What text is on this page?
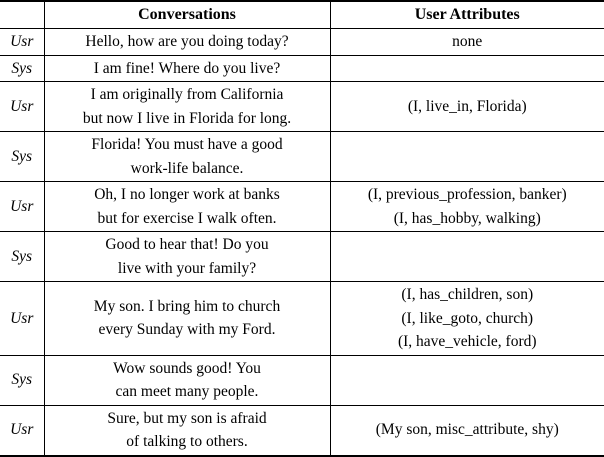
	Conversations	User Attributes
Usr	Hello, how are you doing today?	none
Sys	I am fine! Where do you live?	
Usr	I am originally from California
but now I live in Florida for long.	(I, live_in, Florida)
Sys	Florida! You must have a good
work-life balance.	
Usr	Oh, I no longer work at banks
but for exercise I walk often.	(I, previous_profession, banker)
(I, has_hobby, walking)
Sys	Good to hear that! Do you
live with your family?	
Usr	My son. I bring him to church
every Sunday with my Ford.	(I, has_children, son)
(I, like_goto, church)
(I, have_vehicle, ford)
Sys	Wow sounds good! You
can meet many people.	
Usr	Sure, but my son is afraid
of talking to others.	(My son, misc_attribute, shy)
